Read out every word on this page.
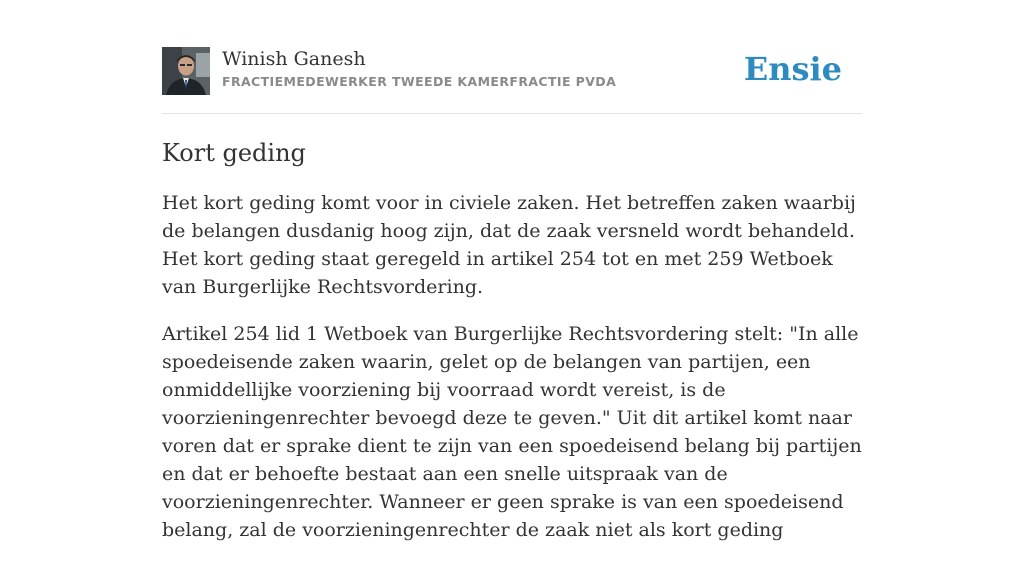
Winish Ganesh
FRACTIEMEDEWERKER TWEEDE KAMERFRACTIE PVDA	Ensie
Kort geding

Het kort geding komt voor in civiele zaken. Het betreffen zaken waarbij de belangen dusdanig hoog zijn, dat de zaak versneld wordt behandeld. Het kort geding staat geregeld in artikel 254 tot en met 259 Wetboek van Burgerlijke Rechtsvordering.

Artikel 254 lid 1 Wetboek van Burgerlijke Rechtsvordering stelt: "In alle spoedeisende zaken waarin, gelet op de belangen van partijen, een onmiddellijke voorziening bij voorraad wordt vereist, is de voorzieningenrechter bevoegd deze te geven." Uit dit artikel komt naar voren dat er sprake dient te zijn van een spoedeisend belang bij partijen en dat er behoefte bestaat aan een snelle uitspraak van de voorzieningenrechter. Wanneer er geen sprake is van een spoedeisend belang, zal de voorzieningenrechter de zaak niet als kort geding
